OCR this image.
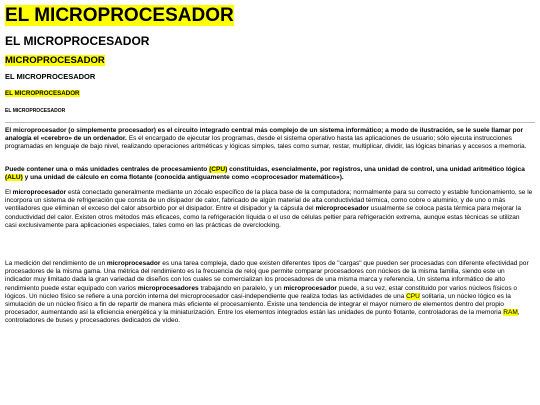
EL MICROPROCESADOR
EL MICROPROCESADOR
MICROPROCESADOR
EL MICROPROCESADOR
EL MICROPROCESADOR
EL MICROPROCESADOR

El microprocesador (o simplemente procesador) es el circuito integrado central más complejo de un sistema informático; a modo de ilustración, se le suele llamar por analogía el «cerebro» de un ordenador. Es el encargado de ejecutar los programas, desde el sistema operativo hasta las aplicaciones de usuario; sólo ejecuta instrucciones programadas en lenguaje de bajo nivel, realizando operaciones aritméticas y lógicas simples, tales como sumar, restar, multiplicar, dividir, las lógicas binarias y accesos a memoria.

Puede contener una o más unidades centrales de procesamiento (CPU) constituidas, esencialmente, por registros, una unidad de control, una unidad aritmético lógica (ALU) y una unidad de cálculo en coma flotante (conocida antiguamente como «coprocesador matemático»).

El microprocesador está conectado generalmente mediante un zócalo específico de la placa base de la computadora; normalmente para su correcto y estable funcionamiento, se le incorpora un sistema de refrigeración que consta de un disipador de calor, fabricado de algún material de alta conductividad térmica, como cobre o aluminio, y de uno o más ventiladores que eliminan el exceso del calor absorbido por el disipador. Entre el disipador y la cápsula del microprocesador usualmente se coloca pasta térmica para mejorar la conductividad del calor. Existen otros métodos más eficaces, como la refrigeración líquida o el uso de células peltier para refrigeración extrema, aunque estas técnicas se utilizan casi exclusivamente para aplicaciones especiales, tales como en las prácticas de overclocking.

La medición del rendimiento de un microprocesador es una tarea compleja, dado que existen diferentes tipos de "cargas" que pueden ser procesadas con diferente efectividad por procesadores de la misma gama. Una métrica del rendimiento es la frecuencia de reloj que permite comparar procesadores con núcleos de la misma familia, siendo este un indicador muy limitado dada la gran variedad de diseños con los cuales se comercializan los procesadores de una misma marca y referencia. Un sistema informático de alto rendimiento puede estar equipado con varios microprocesadores trabajando en paralelo, y un microprocesador puede, a su vez, estar constituido por varios núcleos físicos o lógicos. Un núcleo físico se refiere a una porción interna del microprocesador casi-independiente que realiza todas las actividades de una CPU solitaria, un núcleo lógico es la simulación de un núcleo físico a fin de repartir de manera más eficiente el procesamiento. Existe una tendencia de integrar el mayor número de elementos dentro del propio procesador, aumentando así la eficiencia energética y la miniaturización. Entre los elementos integrados están las unidades de punto flotante, controladoras de la memoria RAM, controladores de buses y procesadores dedicados de vídeo.
